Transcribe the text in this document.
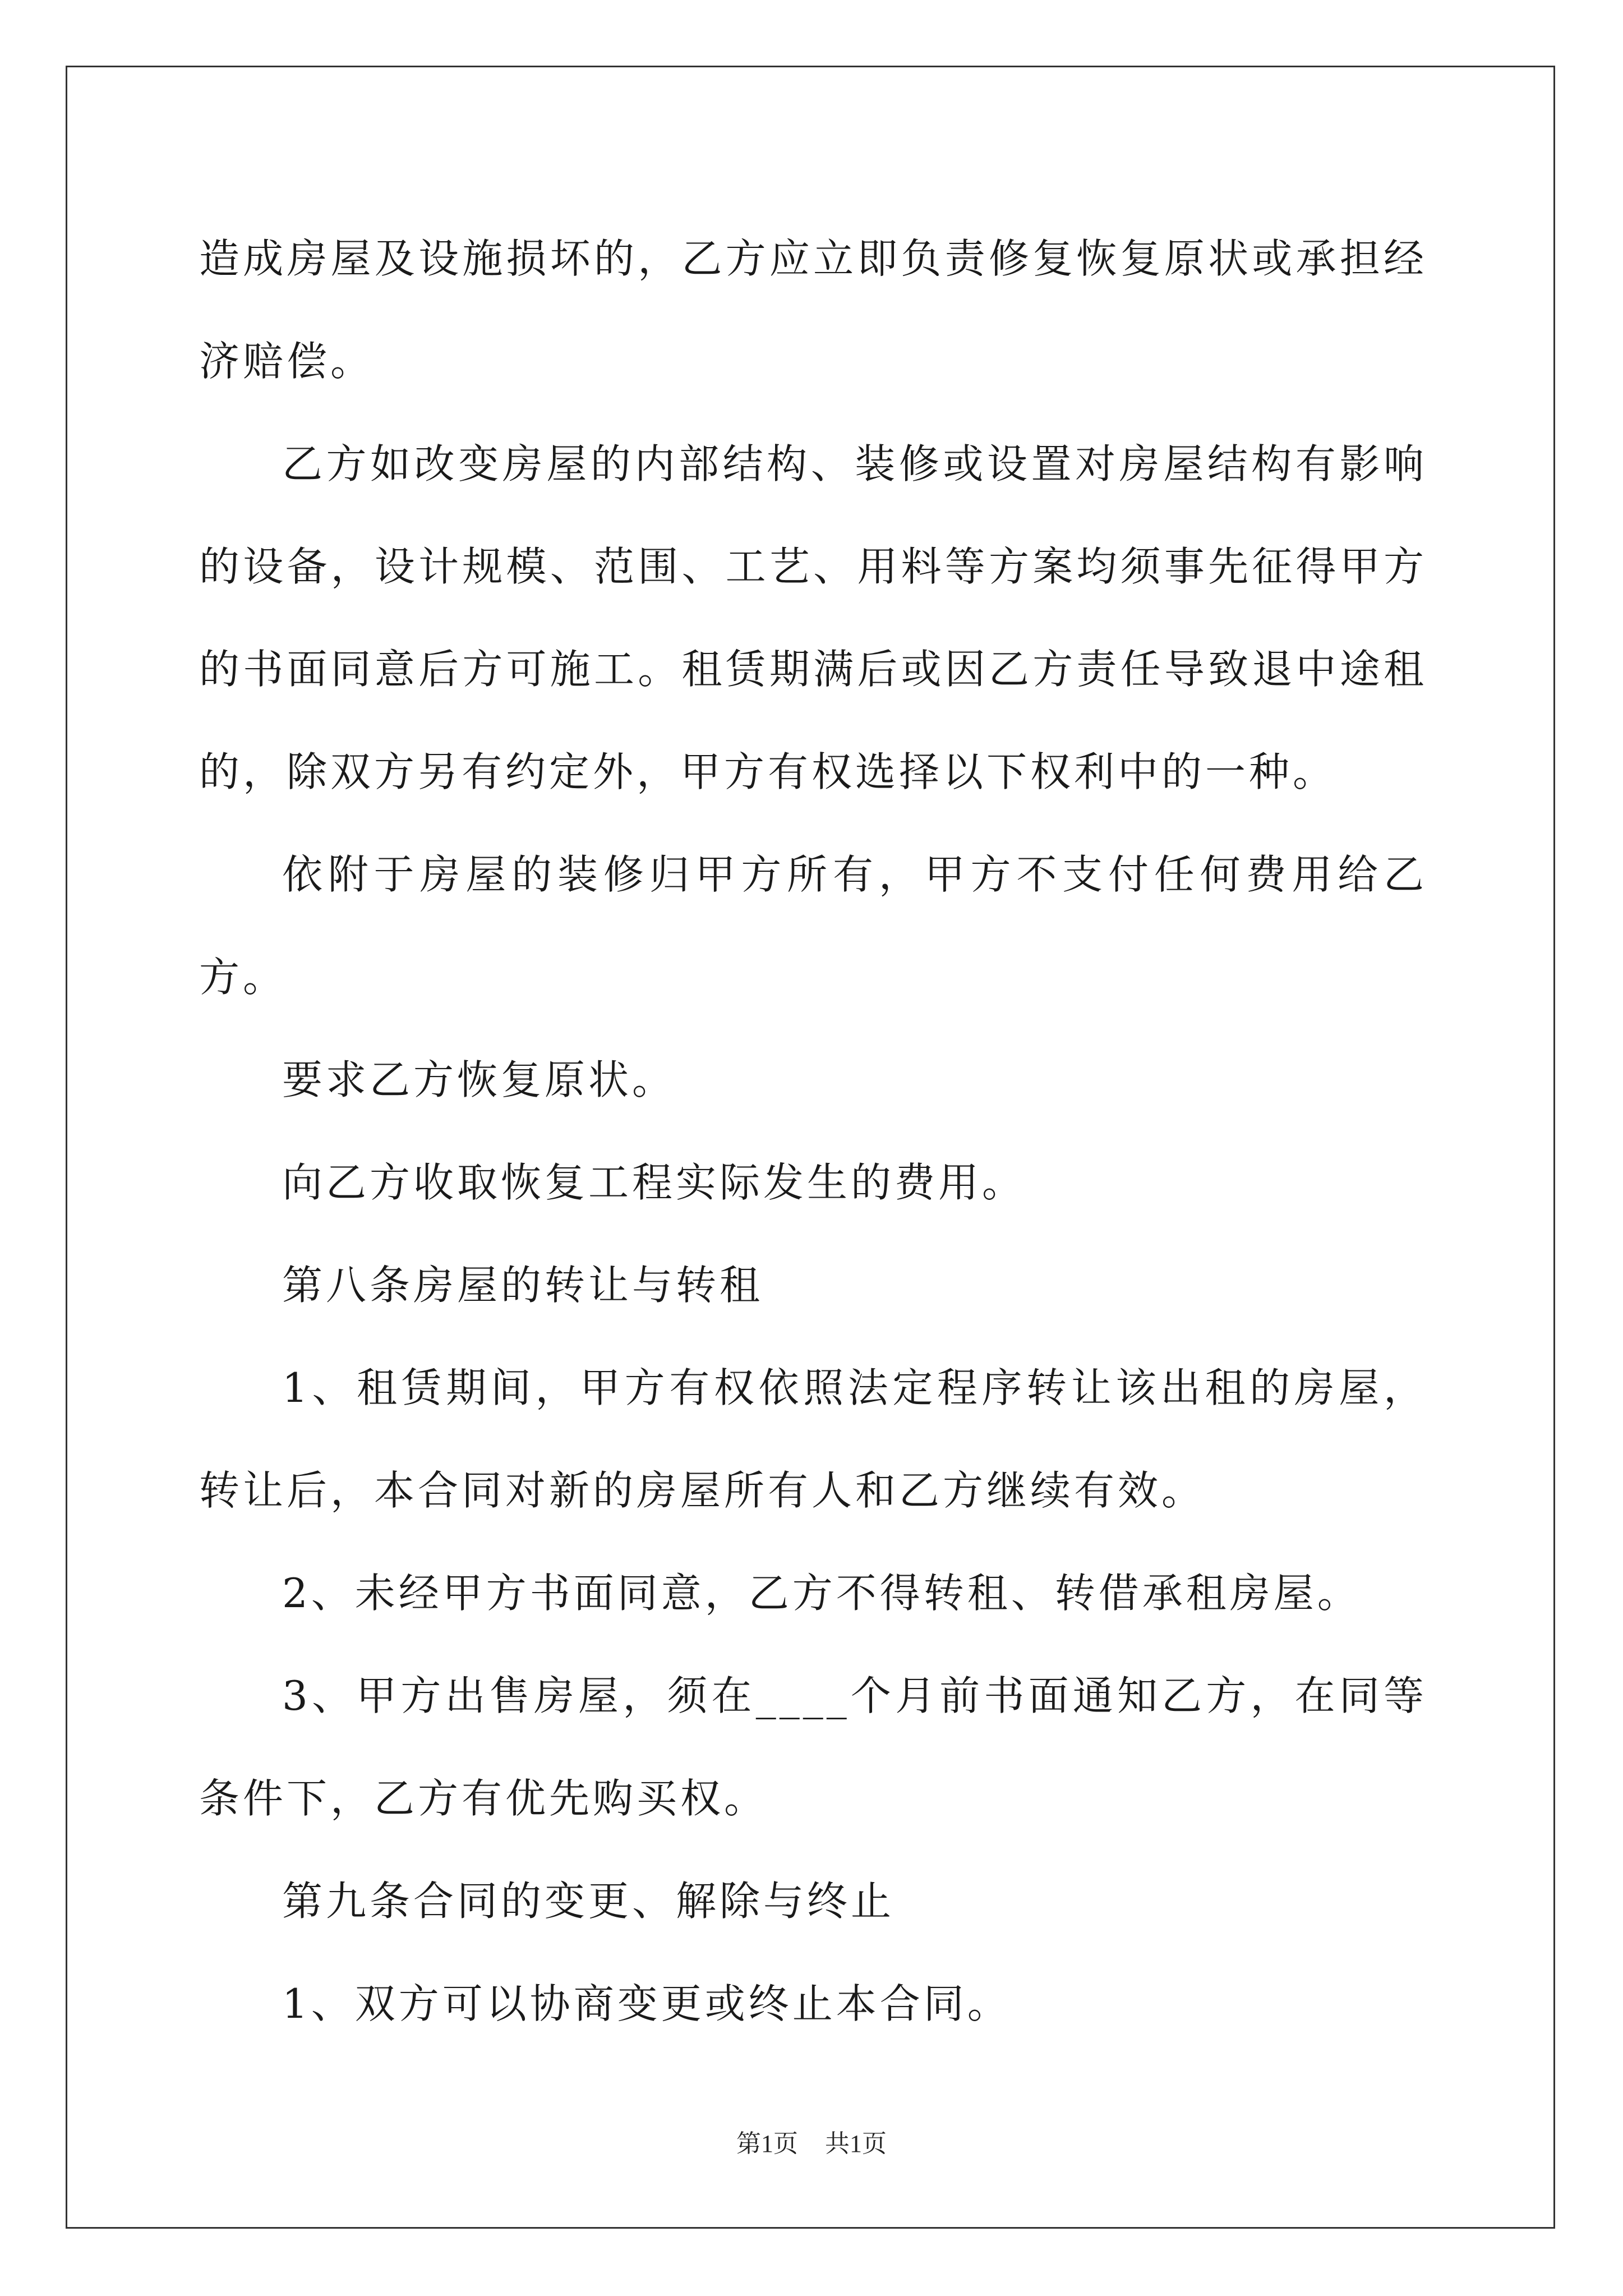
造成房屋及设施损坏的，乙方应立即负责修复恢复原状或承担经济赔偿。

乙方如改变房屋的内部结构、装修或设置对房屋结构有影响的设备，设计规模、范围、工艺、用料等方案均须事先征得甲方的书面同意后方可施工。租赁期满后或因乙方责任导致退中途租的，除双方另有约定外，甲方有权选择以下权利中的一种。

依附于房屋的装修归甲方所有，甲方不支付任何费用给乙方。

要求乙方恢复原状。

向乙方收取恢复工程实际发生的费用。

第八条房屋的转让与转租

1、租赁期间，甲方有权依照法定程序转让该出租的房屋，转让后，本合同对新的房屋所有人和乙方继续有效。

2、未经甲方书面同意，乙方不得转租、转借承租房屋。

3、甲方出售房屋，须在____个月前书面通知乙方，在同等条件下，乙方有优先购买权。

第九条合同的变更、解除与终止

1、双方可以协商变更或终止本合同。

第1页 共1页
